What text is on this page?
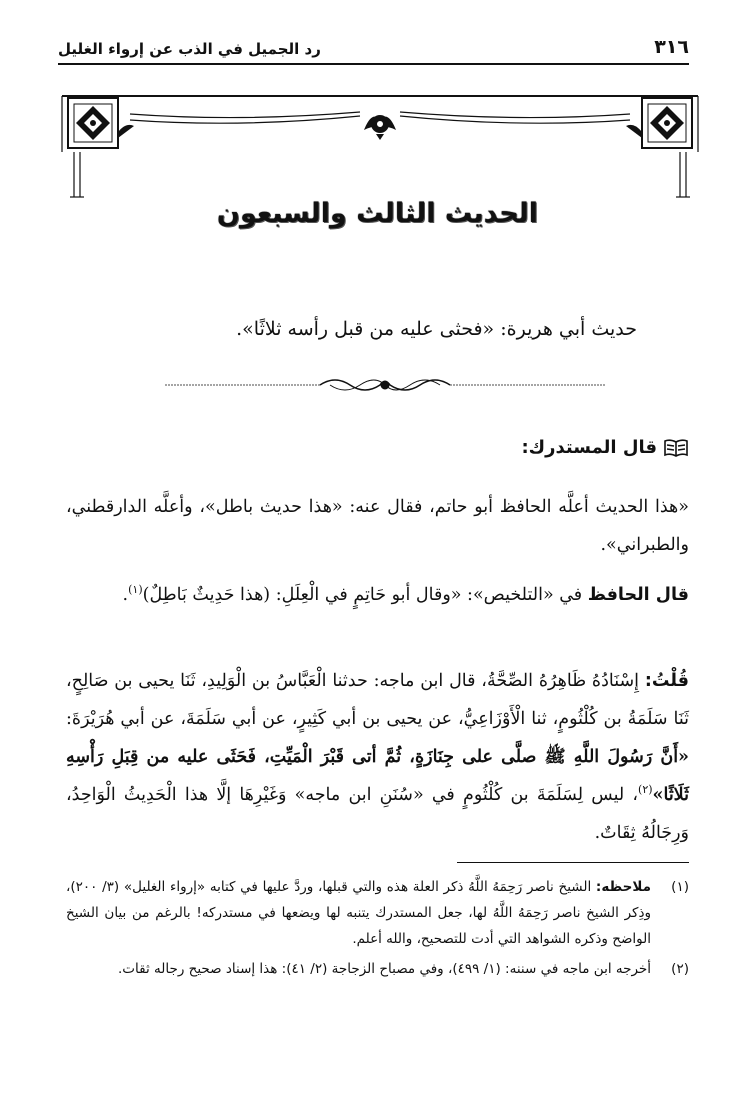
٣١٦
رد الجميل في الذب عن إرواء الغليل
الحديث الثالث والسبعون
حديث أبي هريرة: «فحثى عليه من قبل رأسه ثلاثًا».
قال المستدرك:
«هذا الحديث أعلَّه الحافظ أبو حاتم، فقال عنه: «هذا حديث باطل»، وأعلَّه الدارقطني، والطبراني».
قال الحافظ في «التلخيص»: «وقال أبو حَاتِمٍ في الْعِلَلِ: (هذا حَدِيثٌ بَاطِلٌ)$^{(١)}$.
قُلْتُ: إِسْنَادُهُ ظَاهِرُهُ الصِّحَّةُ، قال ابن ماجه: حدثنا الْعَبَّاسُ بن الْوَلِيدِ، ثَنَا يحيى بن صَالِحٍ، ثَنَا سَلَمَةُ بن كُلْثُومٍ، ثنا الْأَوْزَاعِيُّ، عن يحيى بن أبي كَثِيرٍ، عن أبي سَلَمَةَ، عن أبي هُرَيْرَةَ: «أَنَّ رَسُولَ اللَّهِ ﷺ صلَّى على جِنَازَةٍ، ثُمَّ أتى قَبْرَ الْمَيِّتِ، فَحَثَى عليه من قِبَلِ رَأْسِهِ ثَلَاثًا»$^{(٢)}$، ليس لِسَلَمَةَ بن كُلْثُومٍ في «سُنَنِ ابن ماجه» وَغَيْرِهَا إلَّا هذا الْحَدِيثُ الْوَاحِدُ، وَرِجَالُهُ ثِقَاتٌ.
(١)
ملاحظه: الشيخ ناصر رَحِمَهُ اللَّهُ ذكر العلة هذه والتي قبلها، وردَّ عليها في كتابه «إرواء الغليل» (٣/ ٢٠٠)، وذِكر الشيخ ناصر رَحِمَهُ اللَّهُ لها، جعل المستدرك يتنبه لها ويضعها في مستدركه! بالرغم من بيان الشيخ الواضح وذكره الشواهد التي أدت للتصحيح، والله أعلم.
(٢)
أخرجه ابن ماجه في سننه: (١/ ٤٩٩)، وفي مصباح الزجاجة (٢/ ٤١): هذا إسناد صحيح رجاله ثقات.
